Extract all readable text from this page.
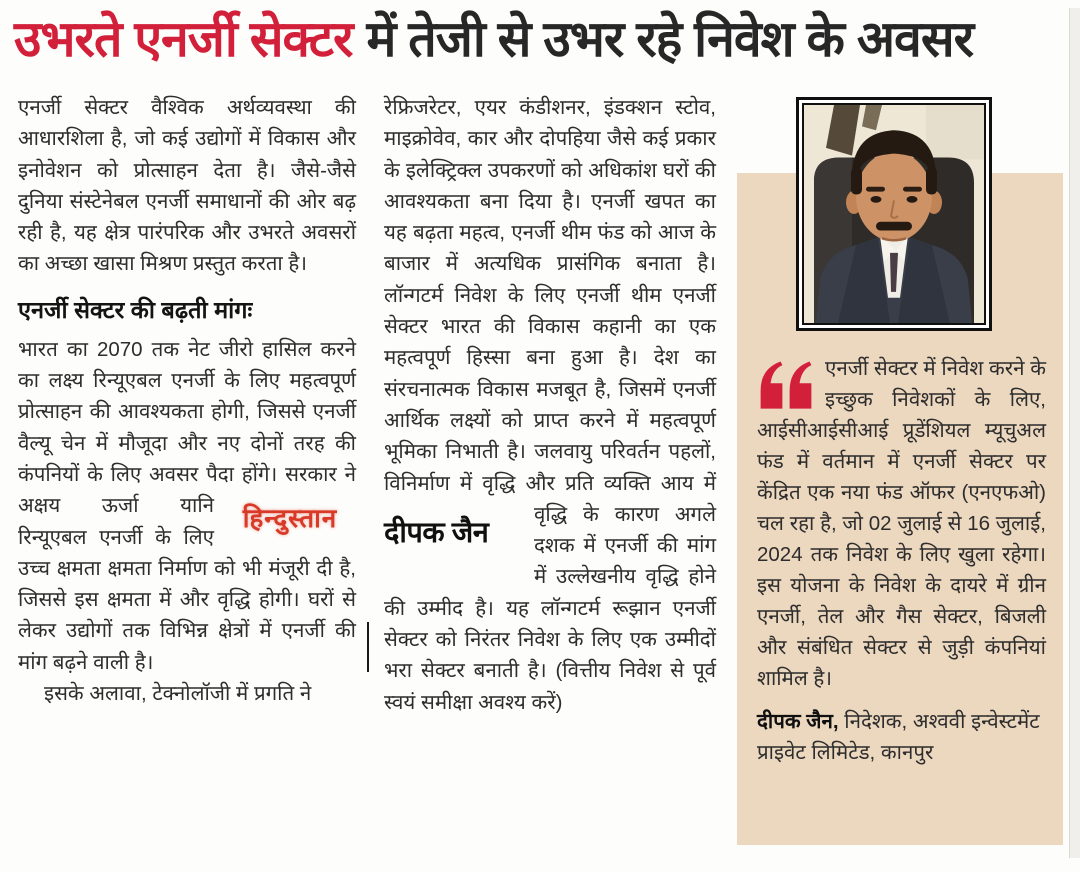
उभरते एनर्जी सेक्टर में तेजी से उभर रहे निवेश के अवसर

एनर्जी सेक्टर वैश्विक अर्थव्यवस्था की आधारशिला है, जो कई उद्योगों में विकास और इनोवेशन को प्रोत्साहन देता है। जैसे-जैसे दुनिया संस्टेनेबल एनर्जी समाधानों की ओर बढ़ रही है, यह क्षेत्र पारंपरिक और उभरते अवसरों का अच्छा खासा मिश्रण प्रस्तुत करता है।

एनर्जी सेक्टर की बढ़ती मांगः

भारत का 2070 तक नेट जीरो हासिल करने का लक्ष्य रिन्यूएबल एनर्जी के लिए महत्वपूर्ण प्रोत्साहन की आवश्यकता होगी, जिससे एनर्जी वैल्यू चेन में मौजूदा और नए दोनों तरह की कंपनियों के लिए अवसर पैदा होंगे। सरकार ने अक्षय	हिन्दुस्तान
ऊर्जा यानि रिन्यूएबल एनर्जी के लिए उच्च क्षमता क्षमता निर्माण को भी मंजूरी दी है, जिससे इस क्षमता में और वृद्धि होगी। घरों से लेकर उद्योगों तक विभिन्न क्षेत्रों में एनर्जी की मांग बढ़ने वाली है।

इसके अलावा, टेक्नोलॉजी में प्रगति ने

रेफ्रिजरेटर, एयर कंडीशनर, इंडक्शन स्टोव, माइक्रोवेव, कार और दोपहिया जैसे कई प्रकार के इलेक्ट्रिक्ल उपकरणों को अधिकांश घरों की आवश्यकता बना दिया है। एनर्जी खपत का यह बढ़ता महत्व, एनर्जी थीम फंड को आज के बाजार में अत्यधिक प्रासंगिक बनाता है। लॉन्गटर्म निवेश के लिए एनर्जी थीम एनर्जी सेक्टर भारत की विकास कहानी का एक महत्वपूर्ण हिस्सा बना हुआ है। देश का संरचनात्मक विकास मजबूत है, जिसमें एनर्जी आर्थिक लक्ष्यों को प्राप्त करने में महत्वपूर्ण भूमिका निभाती है। जलवायु परिवर्तन पहलों, विनिर्माण में वृद्धि और प्रति व्यक्ति आय में वृद्धि के
दीपक जैन
कारण अगले दशक में एनर्जी की मांग में उल्लेखनीय वृद्धि होने की उम्मीद है। यह लॉन्गटर्म रूझान एनर्जी सेक्टर को निरंतर निवेश के लिए एक उम्मीदों भरा सेक्टर बनाती है। (वित्तीय निवेश से पूर्व स्वयं समीक्षा अवश्य करें)

एनर्जी सेक्टर में निवेश करने के इच्छुक निवेशकों के लिए, आईसीआईसीआई प्रूडेंशियल म्यूचुअल फंड में वर्तमान में एनर्जी सेक्टर पर केंद्रित एक नया फंड ऑफर (एनएफओ) चल रहा है, जो 02 जुलाई से 16 जुलाई, 2024 तक निवेश के लिए खुला रहेगा। इस योजना के निवेश के दायरे में ग्रीन एनर्जी, तेल और गैस सेक्टर, बिजली और संबंधित सेक्टर से जुड़ी कंपनियां शामिल है।
दीपक जैन, निदेशक, अश्ववी इन्वेस्टमेंट प्राइवेट लिमिटेड, कानपुर
